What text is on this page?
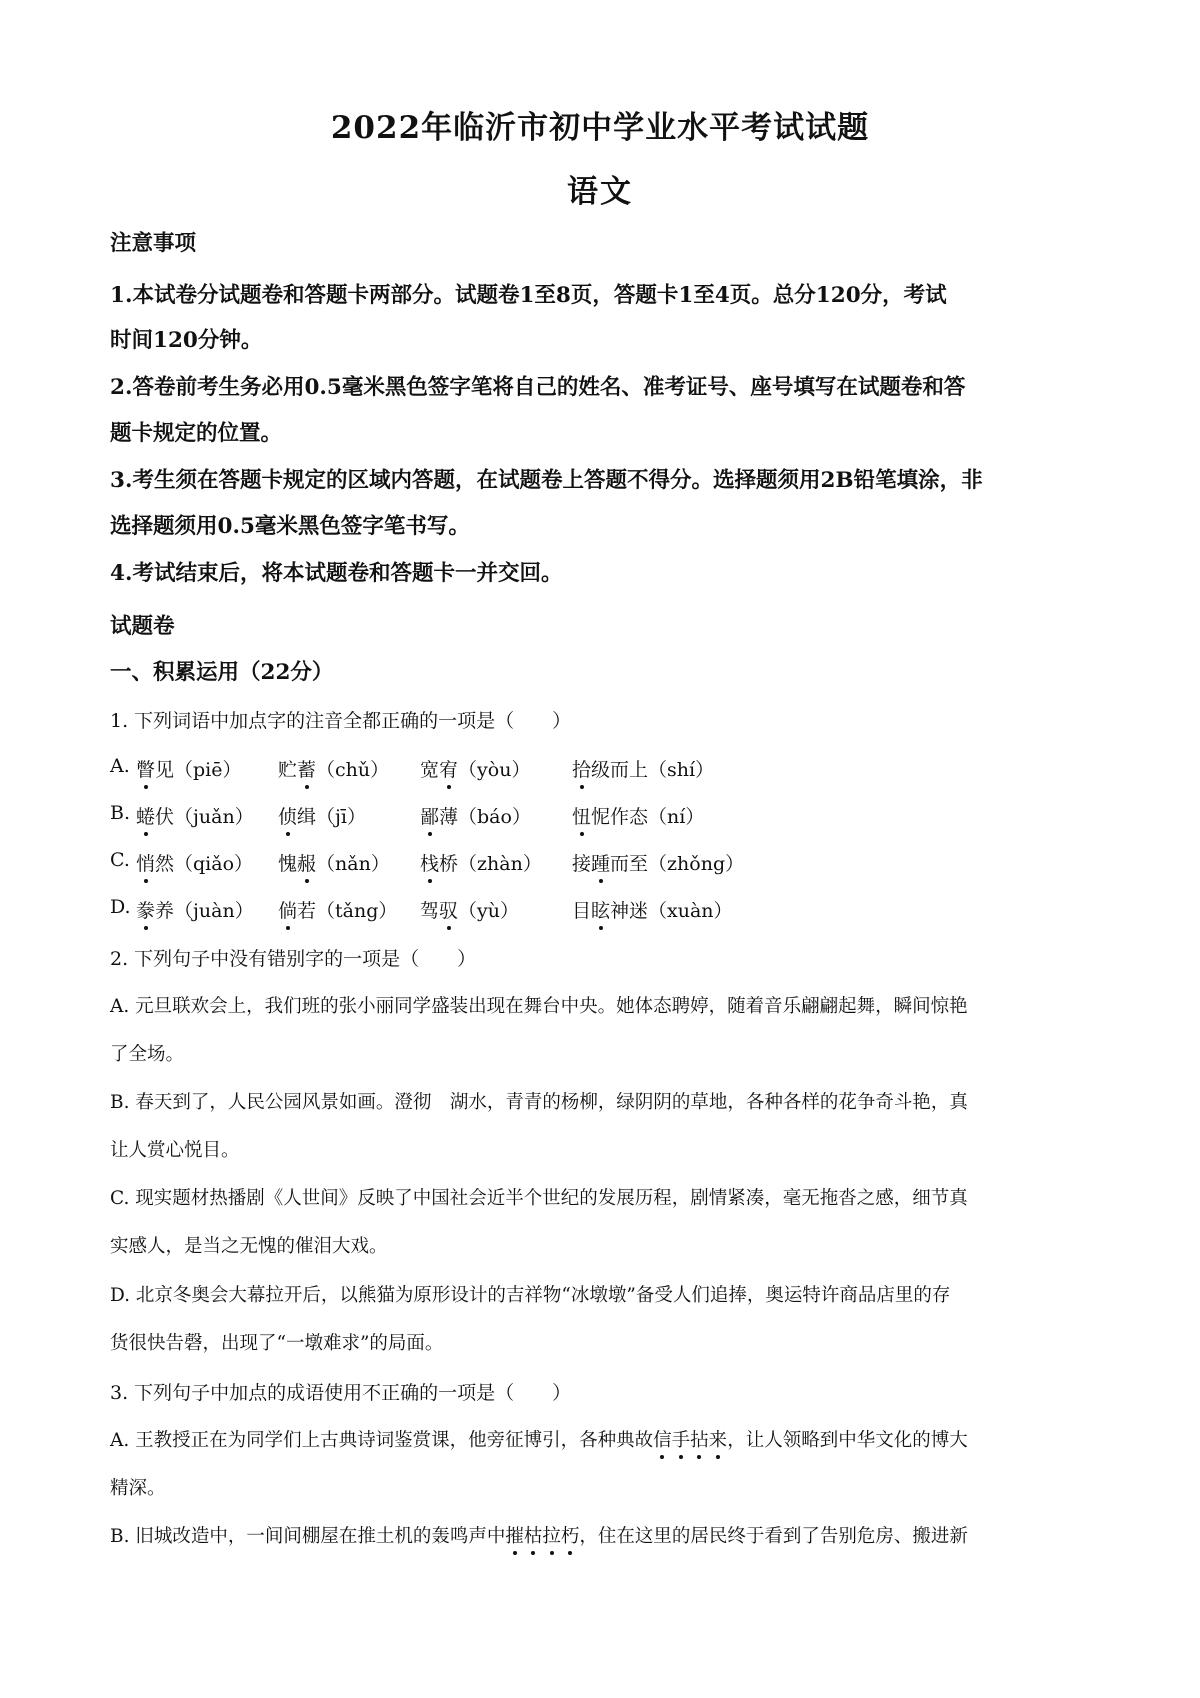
2022年临沂市初中学业水平考试试题
语文
注意事项
1.本试卷分试题卷和答题卡两部分。试题卷1至8页，答题卡1至4页。总分120分，考试
时间120分钟。
2.答卷前考生务必用0.5毫米黑色签字笔将自己的姓名、准考证号、座号填写在试题卷和答
题卡规定的位置。
3.考生须在答题卡规定的区域内答题，在试题卷上答题不得分。选择题须用2B铅笔填涂，非
选择题须用0.5毫米黑色签字笔书写。
4.考试结束后，将本试题卷和答题卡一并交回。
试题卷
一、积累运用（22分）
1. 下列词语中加点字的注音全都正确的一项是（　　）
A. 瞥见（piē） 贮蓄（chǔ） 宽宥（yòu） 拾级而上（shí）
B. 蜷伏（juǎn） 侦缉（jī）	鄙薄（báo） 忸怩作态（ní）
C. 悄然（qiǎo） 愧赧（nǎn） 栈桥（zhàn） 接踵而至（zhǒng）
D. 豢养（juàn） 倘若（tǎng） 驾驭（yù）	目眩神迷（xuàn）
2. 下列句子中没有错别字的一项是（　　）
A. 元旦联欢会上，我们班的张小丽同学盛装出现在舞台中央。她体态聘婷，随着音乐翩翩起舞，瞬间惊艳
了全场。
B. 春天到了，人民公园风景如画。澄彻　湖水，青青的杨柳，绿阴阴的草地，各种各样的花争奇斗艳，真
让人赏心悦目。
C. 现实题材热播剧《人世间》反映了中国社会近半个世纪的发展历程，剧情紧凑，毫无拖沓之感，细节真
实感人，是当之无愧的催泪大戏。
D. 北京冬奥会大幕拉开后，以熊猫为原形设计的吉祥物“冰墩墩”备受人们追捧，奥运特许商品店里的存
货很快告磬，出现了“一墩难求”的局面。
3. 下列句子中加点的成语使用不正确的一项是（　　）
A. 王教授正在为同学们上古典诗词鉴赏课，他旁征博引，各种典故信手拈来，让人领略到中华文化的博大
精深。
B. 旧城改造中，一间间棚屋在推土机的轰鸣声中摧枯拉朽，住在这里的居民终于看到了告别危房、搬进新
